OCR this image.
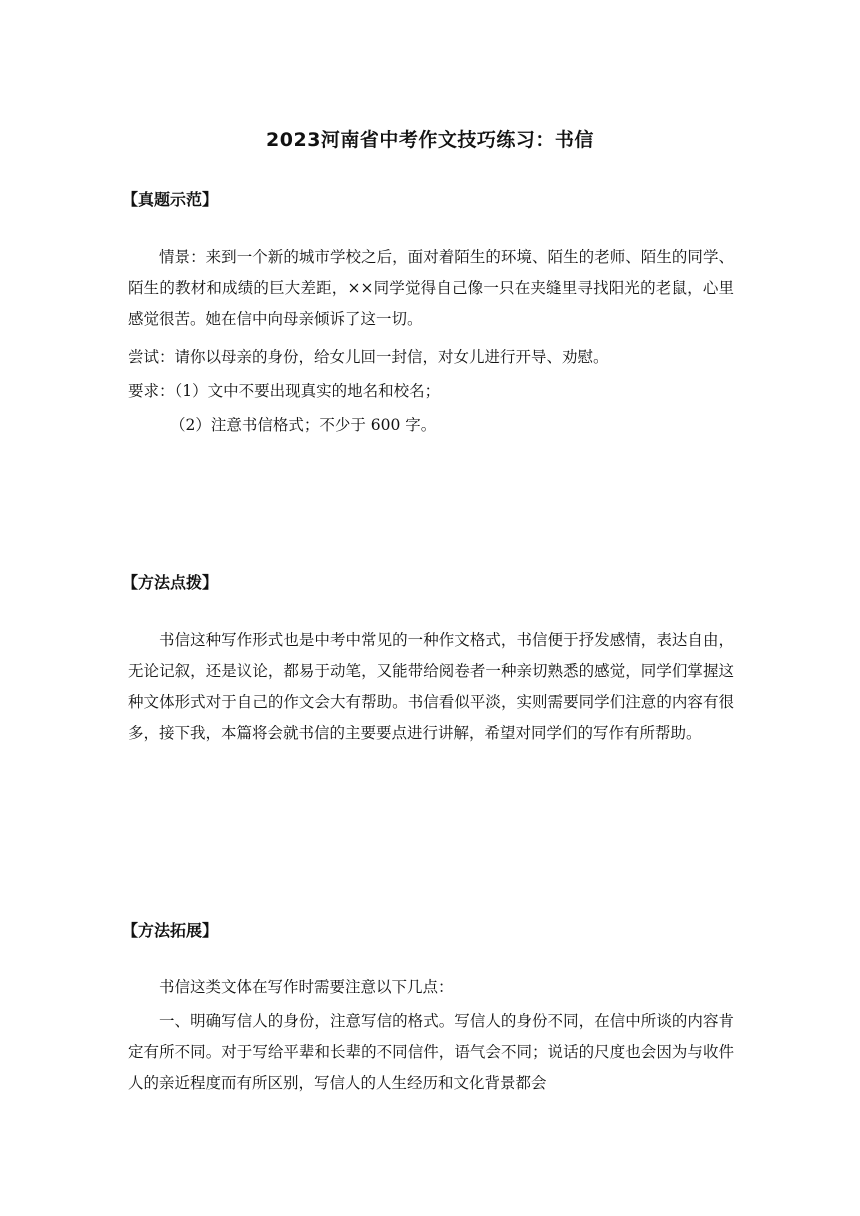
2023河南省中考作文技巧练习：书信
【真题示范】

情景：来到一个新的城市学校之后，面对着陌生的环境、陌生的老师、陌生的同学、陌生的教材和成绩的巨大差距，××同学觉得自己像一只在夹缝里寻找阳光的老鼠，心里感觉很苦。她在信中向母亲倾诉了这一切。

尝试：请你以母亲的身份，给女儿回一封信，对女儿进行开导、劝慰。

要求：（1）文中不要出现真实的地名和校名；

（2）注意书信格式；不少于 600 字。

【方法点拨】

书信这种写作形式也是中考中常见的一种作文格式，书信便于抒发感情，表达自由，无论记叙，还是议论，都易于动笔，又能带给阅卷者一种亲切熟悉的感觉，同学们掌握这种文体形式对于自己的作文会大有帮助。书信看似平淡，实则需要同学们注意的内容有很多，接下我，本篇将会就书信的主要要点进行讲解，希望对同学们的写作有所帮助。

【方法拓展】

书信这类文体在写作时需要注意以下几点：

一、明确写信人的身份，注意写信的格式。写信人的身份不同，在信中所谈的内容肯定有所不同。对于写给平辈和长辈的不同信件，语气会不同；说话的尺度也会因为与收件人的亲近程度而有所区别，写信人的人生经历和文化背景都会
